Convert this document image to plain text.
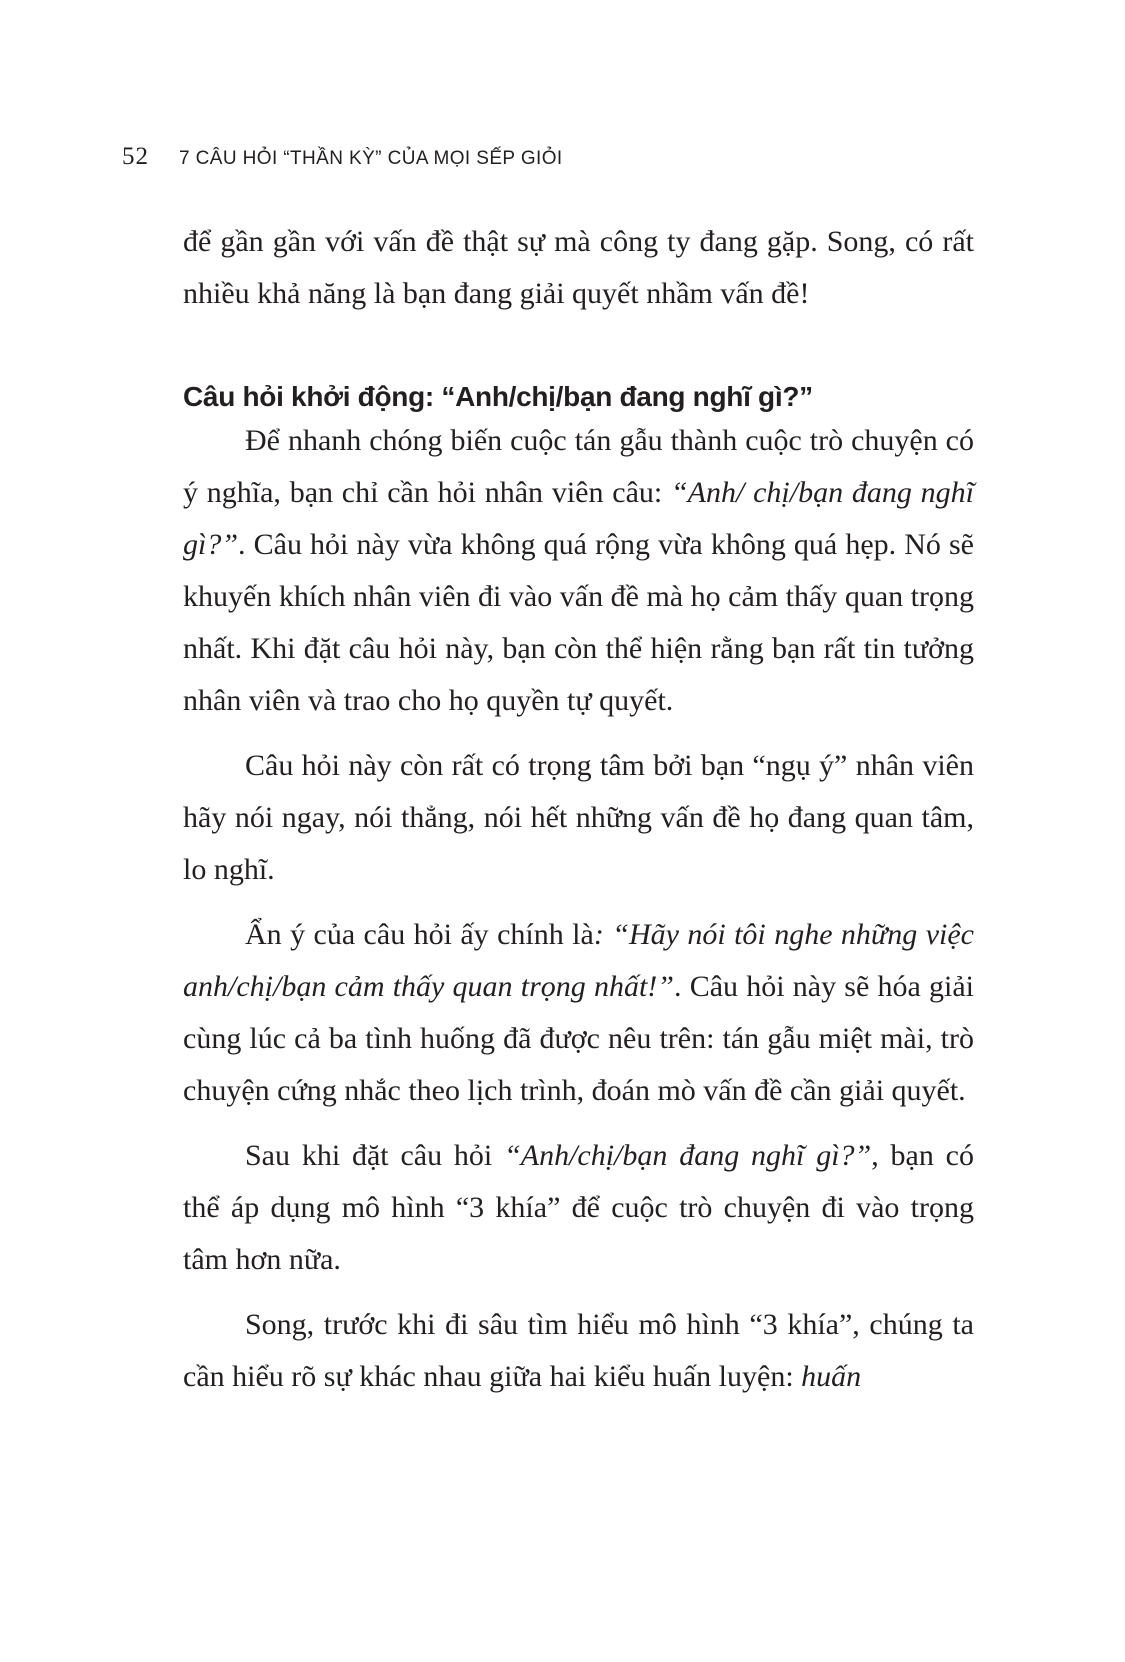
52 7 CÂU HỎI “THẦN KỲ” CỦA MỌI SẾP GIỎI

để gần gần với vấn đề thật sự mà công ty đang gặp. Song, có rất nhiều khả năng là bạn đang giải quyết nhầm vấn đề!

Câu hỏi khởi động: “Anh/chị/bạn đang nghĩ gì?”

Để nhanh chóng biến cuộc tán gẫu thành cuộc trò chuyện có ý nghĩa, bạn chỉ cần hỏi nhân viên câu: “Anh/ chị/bạn đang nghĩ gì?”. Câu hỏi này vừa không quá rộng vừa không quá hẹp. Nó sẽ khuyến khích nhân viên đi vào vấn đề mà họ cảm thấy quan trọng nhất. Khi đặt câu hỏi này, bạn còn thể hiện rằng bạn rất tin tưởng nhân viên và trao cho họ quyền tự quyết.

Câu hỏi này còn rất có trọng tâm bởi bạn “ngụ ý” nhân viên hãy nói ngay, nói thẳng, nói hết những vấn đề họ đang quan tâm, lo nghĩ.

Ẩn ý của câu hỏi ấy chính là: “Hãy nói tôi nghe những việc anh/chị/bạn cảm thấy quan trọng nhất!”. Câu hỏi này sẽ hóa giải cùng lúc cả ba tình huống đã được nêu trên: tán gẫu miệt mài, trò chuyện cứng nhắc theo lịch trình, đoán mò vấn đề cần giải quyết.

Sau khi đặt câu hỏi “Anh/chị/bạn đang nghĩ gì?”, bạn có thể áp dụng mô hình “3 khía” để cuộc trò chuyện đi vào trọng tâm hơn nữa.

Song, trước khi đi sâu tìm hiểu mô hình “3 khía”, chúng ta cần hiểu rõ sự khác nhau giữa hai kiểu huấn luyện: huấn
